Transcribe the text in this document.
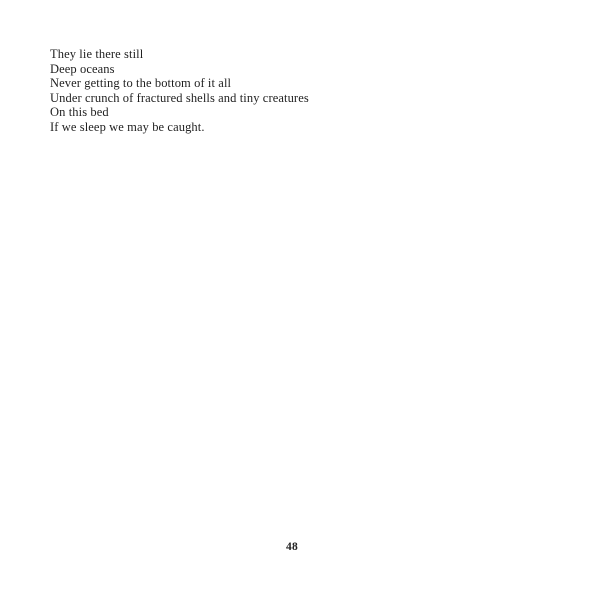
They lie there still
Deep oceans
Never getting to the bottom of it all
Under crunch of fractured shells and tiny creatures
On this bed
If we sleep we may be caught.
48
